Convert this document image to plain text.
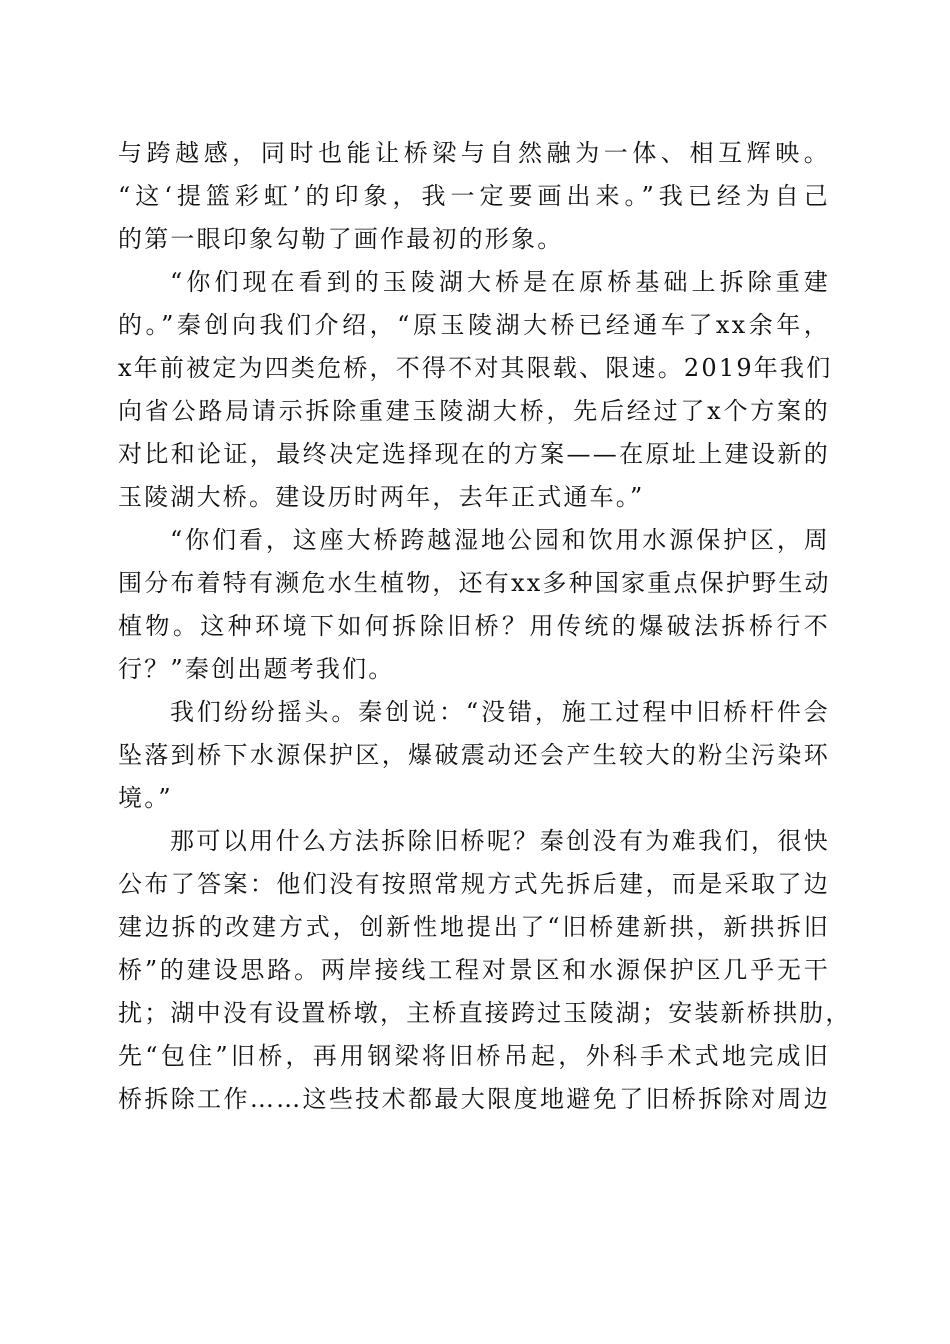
与跨越感，同时也能让桥梁与自然融为一体、相互辉映。
“这‘提篮彩虹’的印象，我一定要画出来。”我已经为自己
的第一眼印象勾勒了画作最初的形象。
“你们现在看到的玉陵湖大桥是在原桥基础上拆除重建
的。”秦创向我们介绍，“原玉陵湖大桥已经通车了xx余年，
x年前被定为四类危桥，不得不对其限载、限速。2019年我们
向省公路局请示拆除重建玉陵湖大桥，先后经过了x个方案的
对比和论证，最终决定选择现在的方案——在原址上建设新的
玉陵湖大桥。建设历时两年，去年正式通车。”
“你们看，这座大桥跨越湿地公园和饮用水源保护区，周
围分布着特有濒危水生植物，还有xx多种国家重点保护野生动
植物。这种环境下如何拆除旧桥？用传统的爆破法拆桥行不
行？”秦创出题考我们。
我们纷纷摇头。秦创说：“没错，施工过程中旧桥杆件会
坠落到桥下水源保护区，爆破震动还会产生较大的粉尘污染环
境。”
那可以用什么方法拆除旧桥呢？秦创没有为难我们，很快
公布了答案：他们没有按照常规方式先拆后建，而是采取了边
建边拆的改建方式，创新性地提出了“旧桥建新拱，新拱拆旧
桥”的建设思路。两岸接线工程对景区和水源保护区几乎无干
扰；湖中没有设置桥墩，主桥直接跨过玉陵湖；安装新桥拱肋，
先“包住”旧桥，再用钢梁将旧桥吊起，外科手术式地完成旧
桥拆除工作……这些技术都最大限度地避免了旧桥拆除对周边
